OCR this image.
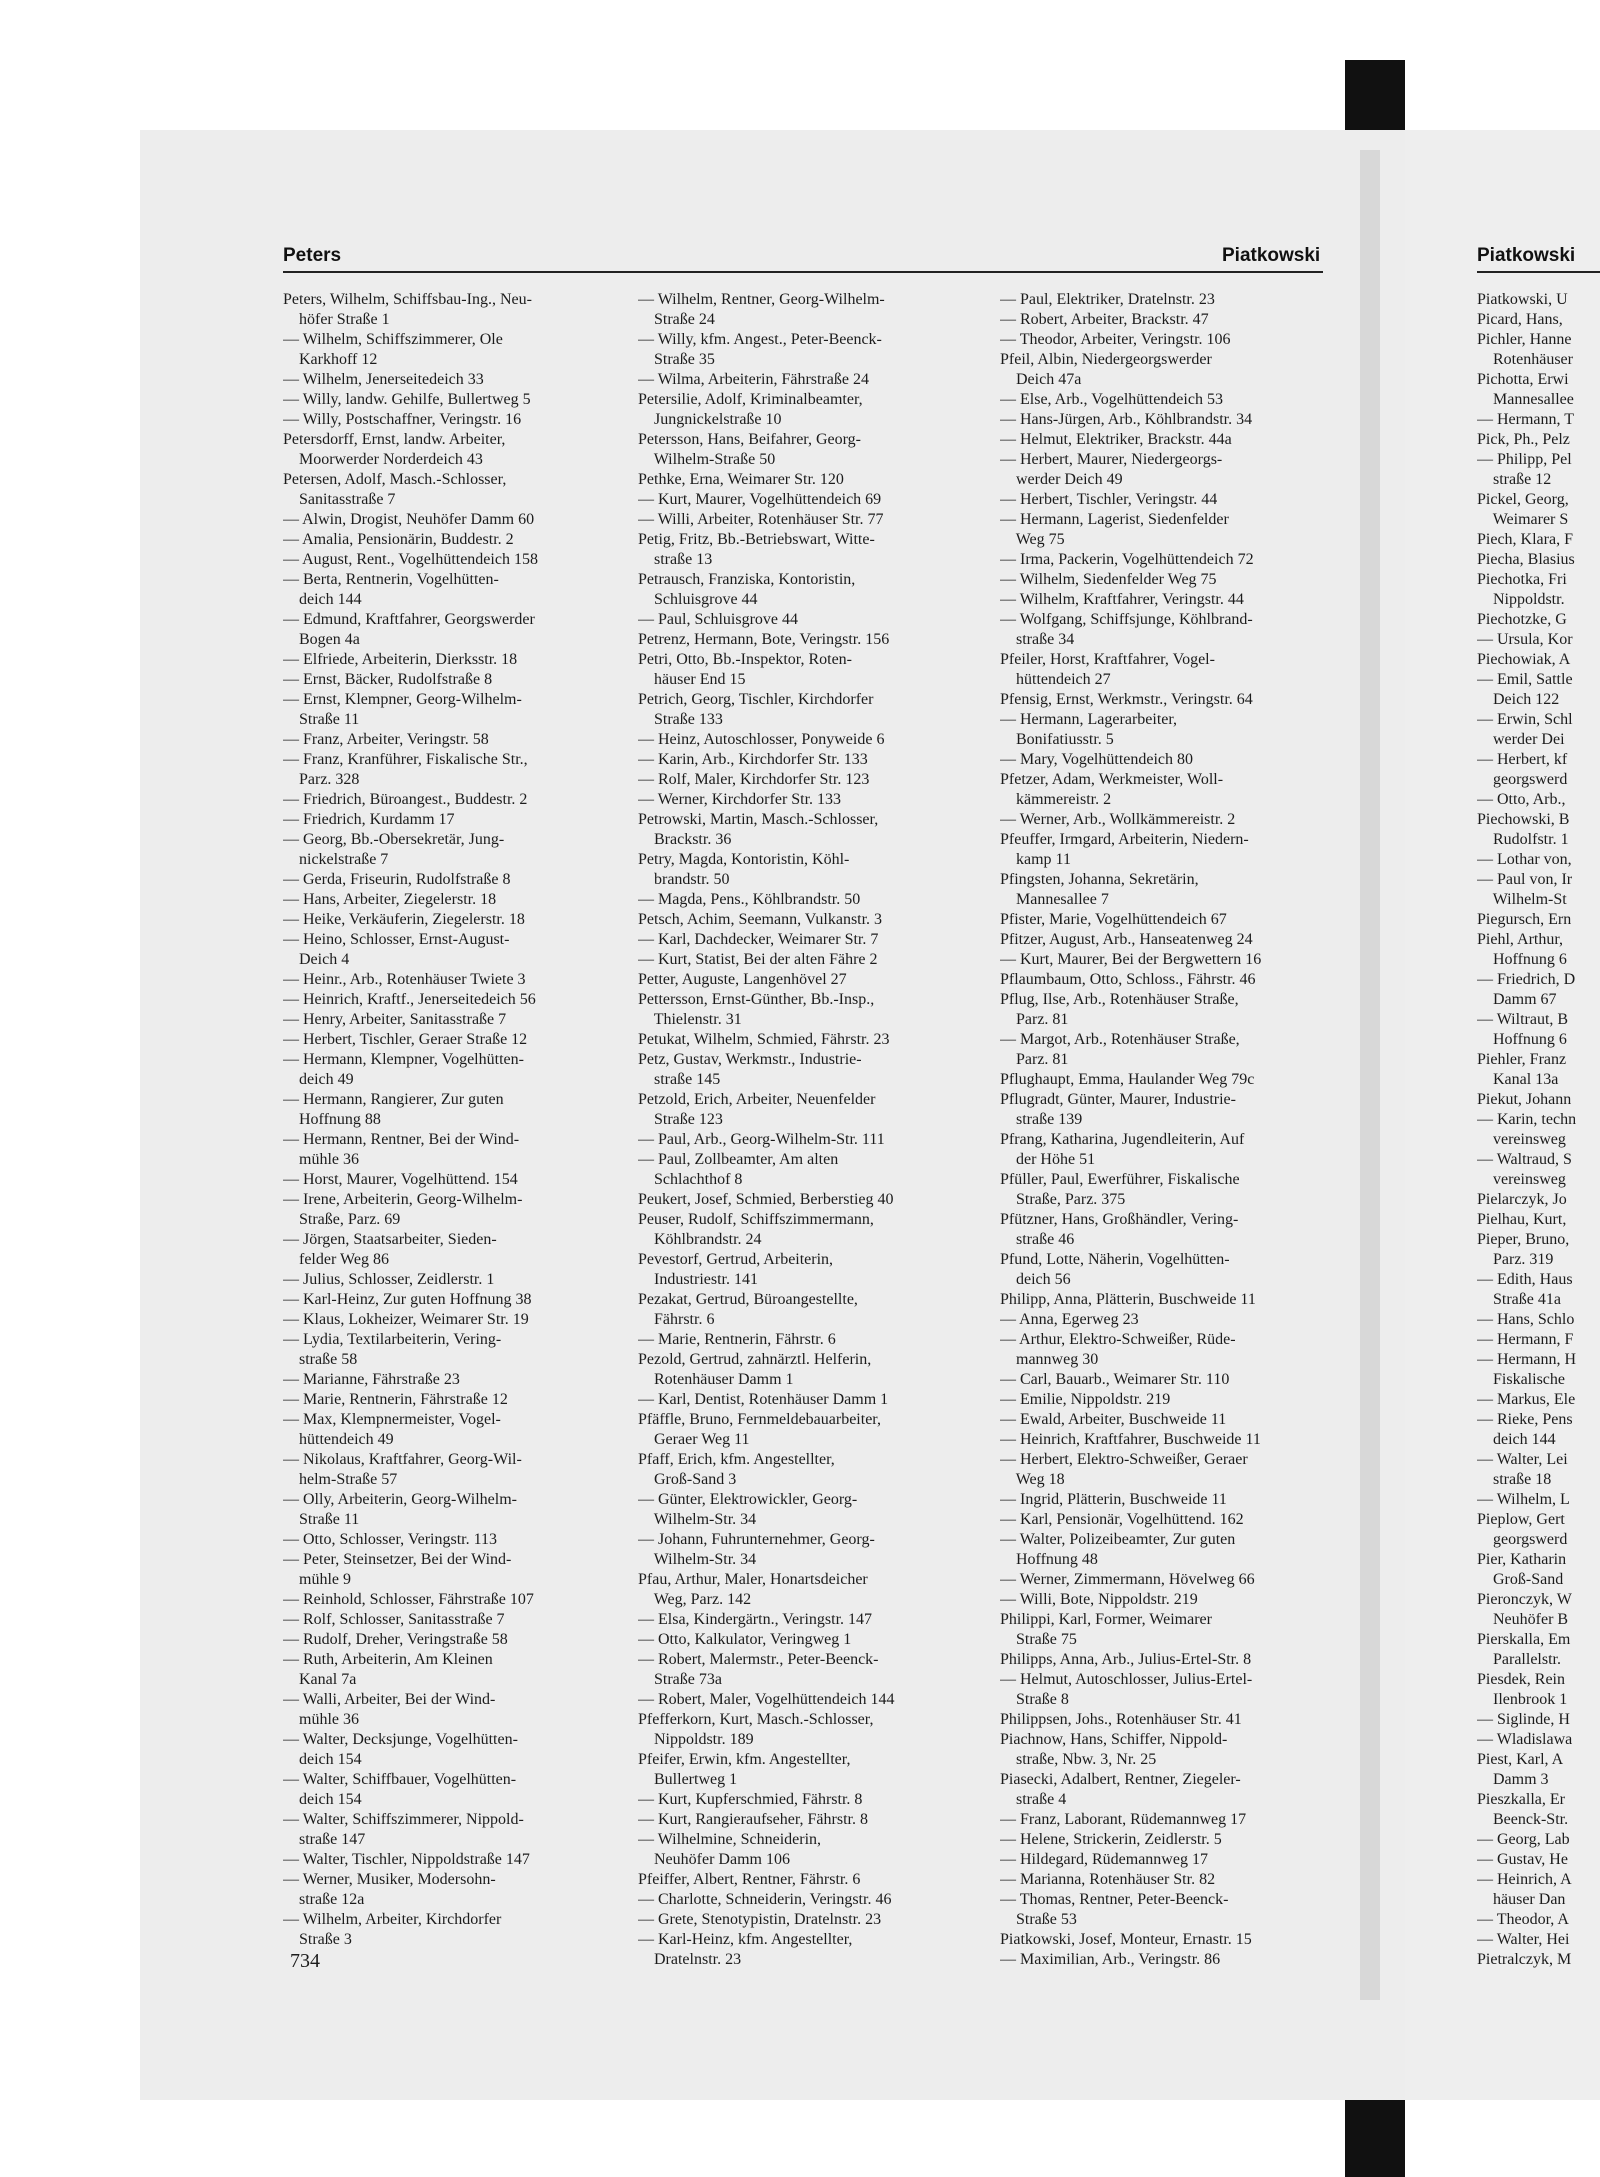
Peters	Piatkowski	Piatkowski
Peters, Wilhelm, Schiffsbau-Ing., Neu-
höfer Straße 1
— Wilhelm, Schiffszimmerer, Ole
Karkhoff 12
— Wilhelm, Jenerseitedeich 33
— Willy, landw. Gehilfe, Bullertweg 5
— Willy, Postschaffner, Veringstr. 16
Petersdorff, Ernst, landw. Arbeiter,
Moorwerder Norderdeich 43
Petersen, Adolf, Masch.-Schlosser,
Sanitasstraße 7
— Alwin, Drogist, Neuhöfer Damm 60
— Amalia, Pensionärin, Buddestr. 2
— August, Rent., Vogelhüttendeich 158
— Berta, Rentnerin, Vogelhütten-
deich 144
— Edmund, Kraftfahrer, Georgswerder
Bogen 4a
— Elfriede, Arbeiterin, Dierksstr. 18
— Ernst, Bäcker, Rudolfstraße 8
— Ernst, Klempner, Georg-Wilhelm-
Straße 11
— Franz, Arbeiter, Veringstr. 58
— Franz, Kranführer, Fiskalische Str.,
Parz. 328
— Friedrich, Büroangest., Buddestr. 2
— Friedrich, Kurdamm 17
— Georg, Bb.-Obersekretär, Jung-
nickelstraße 7
— Gerda, Friseurin, Rudolfstraße 8
— Hans, Arbeiter, Ziegelerstr. 18
— Heike, Verkäuferin, Ziegelerstr. 18
— Heino, Schlosser, Ernst-August-
Deich 4
— Heinr., Arb., Rotenhäuser Twiete 3
— Heinrich, Kraftf., Jenerseitedeich 56
— Henry, Arbeiter, Sanitasstraße 7
— Herbert, Tischler, Geraer Straße 12
— Hermann, Klempner, Vogelhütten-
deich 49
— Hermann, Rangierer, Zur guten
Hoffnung 88
— Hermann, Rentner, Bei der Wind-
mühle 36
— Horst, Maurer, Vogelhüttend. 154
— Irene, Arbeiterin, Georg-Wilhelm-
Straße, Parz. 69
— Jörgen, Staatsarbeiter, Sieden-
felder Weg 86
— Julius, Schlosser, Zeidlerstr. 1
— Karl-Heinz, Zur guten Hoffnung 38
— Klaus, Lokheizer, Weimarer Str. 19
— Lydia, Textilarbeiterin, Vering-
straße 58
— Marianne, Fährstraße 23
— Marie, Rentnerin, Fährstraße 12
— Max, Klempnermeister, Vogel-
hüttendeich 49
— Nikolaus, Kraftfahrer, Georg-Wil-
helm-Straße 57
— Olly, Arbeiterin, Georg-Wilhelm-
Straße 11
— Otto, Schlosser, Veringstr. 113
— Peter, Steinsetzer, Bei der Wind-
mühle 9
— Reinhold, Schlosser, Fährstraße 107
— Rolf, Schlosser, Sanitasstraße 7
— Rudolf, Dreher, Veringstraße 58
— Ruth, Arbeiterin, Am Kleinen
Kanal 7a
— Walli, Arbeiter, Bei der Wind-
mühle 36
— Walter, Decksjunge, Vogelhütten-
deich 154
— Walter, Schiffbauer, Vogelhütten-
deich 154
— Walter, Schiffszimmerer, Nippold-
straße 147
— Walter, Tischler, Nippoldstraße 147
— Werner, Musiker, Modersohn-
straße 12a
— Wilhelm, Arbeiter, Kirchdorfer
Straße 3
— Wilhelm, Rentner, Georg-Wilhelm-
Straße 24
— Willy, kfm. Angest., Peter-Beenck-
Straße 35
— Wilma, Arbeiterin, Fährstraße 24
Petersilie, Adolf, Kriminalbeamter,
Jungnickelstraße 10
Petersson, Hans, Beifahrer, Georg-
Wilhelm-Straße 50
Pethke, Erna, Weimarer Str. 120
— Kurt, Maurer, Vogelhüttendeich 69
— Willi, Arbeiter, Rotenhäuser Str. 77
Petig, Fritz, Bb.-Betriebswart, Witte-
straße 13
Petrausch, Franziska, Kontoristin,
Schluisgrove 44
— Paul, Schluisgrove 44
Petrenz, Hermann, Bote, Veringstr. 156
Petri, Otto, Bb.-Inspektor, Roten-
häuser End 15
Petrich, Georg, Tischler, Kirchdorfer
Straße 133
— Heinz, Autoschlosser, Ponyweide 6
— Karin, Arb., Kirchdorfer Str. 133
— Rolf, Maler, Kirchdorfer Str. 123
— Werner, Kirchdorfer Str. 133
Petrowski, Martin, Masch.-Schlosser,
Brackstr. 36
Petry, Magda, Kontoristin, Köhl-
brandstr. 50
— Magda, Pens., Köhlbrandstr. 50
Petsch, Achim, Seemann, Vulkanstr. 3
— Karl, Dachdecker, Weimarer Str. 7
— Kurt, Statist, Bei der alten Fähre 2
Petter, Auguste, Langenhövel 27
Pettersson, Ernst-Günther, Bb.-Insp.,
Thielenstr. 31
Petukat, Wilhelm, Schmied, Fährstr. 23
Petz, Gustav, Werkmstr., Industrie-
straße 145
Petzold, Erich, Arbeiter, Neuenfelder
Straße 123
— Paul, Arb., Georg-Wilhelm-Str. 111
— Paul, Zollbeamter, Am alten
Schlachthof 8
Peukert, Josef, Schmied, Berberstieg 40
Peuser, Rudolf, Schiffszimmermann,
Köhlbrandstr. 24
Pevestorf, Gertrud, Arbeiterin,
Industriestr. 141
Pezakat, Gertrud, Büroangestellte,
Fährstr. 6
— Marie, Rentnerin, Fährstr. 6
Pezold, Gertrud, zahnärztl. Helferin,
Rotenhäuser Damm 1
— Karl, Dentist, Rotenhäuser Damm 1
Pfäffle, Bruno, Fernmeldebauarbeiter,
Geraer Weg 11
Pfaff, Erich, kfm. Angestellter,
Groß-Sand 3
— Günter, Elektrowickler, Georg-
Wilhelm-Str. 34
— Johann, Fuhrunternehmer, Georg-
Wilhelm-Str. 34
Pfau, Arthur, Maler, Honartsdeicher
Weg, Parz. 142
— Elsa, Kindergärtn., Veringstr. 147
— Otto, Kalkulator, Veringweg 1
— Robert, Malermstr., Peter-Beenck-
Straße 73a
— Robert, Maler, Vogelhüttendeich 144
Pfefferkorn, Kurt, Masch.-Schlosser,
Nippoldstr. 189
Pfeifer, Erwin, kfm. Angestellter,
Bullertweg 1
— Kurt, Kupferschmied, Fährstr. 8
— Kurt, Rangieraufseher, Fährstr. 8
— Wilhelmine, Schneiderin,
Neuhöfer Damm 106
Pfeiffer, Albert, Rentner, Fährstr. 6
— Charlotte, Schneiderin, Veringstr. 46
— Grete, Stenotypistin, Dratelnstr. 23
— Karl-Heinz, kfm. Angestellter,
Dratelnstr. 23
— Paul, Elektriker, Dratelnstr. 23
— Robert, Arbeiter, Brackstr. 47
— Theodor, Arbeiter, Veringstr. 106
Pfeil, Albin, Niedergeorgswerder
Deich 47a
— Else, Arb., Vogelhüttendeich 53
— Hans-Jürgen, Arb., Köhlbrandstr. 34
— Helmut, Elektriker, Brackstr. 44a
— Herbert, Maurer, Niedergeorgs-
werder Deich 49
— Herbert, Tischler, Veringstr. 44
— Hermann, Lagerist, Siedenfelder
Weg 75
— Irma, Packerin, Vogelhüttendeich 72
— Wilhelm, Siedenfelder Weg 75
— Wilhelm, Kraftfahrer, Veringstr. 44
— Wolfgang, Schiffsjunge, Köhlbrand-
straße 34
Pfeiler, Horst, Kraftfahrer, Vogel-
hüttendeich 27
Pfensig, Ernst, Werkmstr., Veringstr. 64
— Hermann, Lagerarbeiter,
Bonifatiusstr. 5
— Mary, Vogelhüttendeich 80
Pfetzer, Adam, Werkmeister, Woll-
kämmereistr. 2
— Werner, Arb., Wollkämmereistr. 2
Pfeuffer, Irmgard, Arbeiterin, Niedern-
kamp 11
Pfingsten, Johanna, Sekretärin,
Mannesallee 7
Pfister, Marie, Vogelhüttendeich 67
Pfitzer, August, Arb., Hanseatenweg 24
— Kurt, Maurer, Bei der Bergwettern 16
Pflaumbaum, Otto, Schloss., Fährstr. 46
Pflug, Ilse, Arb., Rotenhäuser Straße,
Parz. 81
— Margot, Arb., Rotenhäuser Straße,
Parz. 81
Pflughaupt, Emma, Haulander Weg 79c
Pflugradt, Günter, Maurer, Industrie-
straße 139
Pfrang, Katharina, Jugendleiterin, Auf
der Höhe 51
Pfüller, Paul, Ewerführer, Fiskalische
Straße, Parz. 375
Pfützner, Hans, Großhändler, Vering-
straße 46
Pfund, Lotte, Näherin, Vogelhütten-
deich 56
Philipp, Anna, Plätterin, Buschweide 11
— Anna, Egerweg 23
— Arthur, Elektro-Schweißer, Rüde-
mannweg 30
— Carl, Bauarb., Weimarer Str. 110
— Emilie, Nippoldstr. 219
— Ewald, Arbeiter, Buschweide 11
— Heinrich, Kraftfahrer, Buschweide 11
— Herbert, Elektro-Schweißer, Geraer
Weg 18
— Ingrid, Plätterin, Buschweide 11
— Karl, Pensionär, Vogelhüttend. 162
— Walter, Polizeibeamter, Zur guten
Hoffnung 48
— Werner, Zimmermann, Hövelweg 66
— Willi, Bote, Nippoldstr. 219
Philippi, Karl, Former, Weimarer
Straße 75
Philipps, Anna, Arb., Julius-Ertel-Str. 8
— Helmut, Autoschlosser, Julius-Ertel-
Straße 8
Philippsen, Johs., Rotenhäuser Str. 41
Piachnow, Hans, Schiffer, Nippold-
straße, Nbw. 3, Nr. 25
Piasecki, Adalbert, Rentner, Ziegeler-
straße 4
— Franz, Laborant, Rüdemannweg 17
— Helene, Strickerin, Zeidlerstr. 5
— Hildegard, Rüdemannweg 17
— Marianna, Rotenhäuser Str. 82
— Thomas, Rentner, Peter-Beenck-
Straße 53
Piatkowski, Josef, Monteur, Ernastr. 15
— Maximilian, Arb., Veringstr. 86
Piatkowski, U
Picard, Hans,
Pichler, Hanne
Rotenhäuser
Pichotta, Erwi
Mannesallee
— Hermann, T
Pick, Ph., Pelz
— Philipp, Pel
straße 12
Pickel, Georg,
Weimarer S
Piech, Klara, F
Piecha, Blasius
Piechotka, Fri
Nippoldstr.
Piechotzke, G
— Ursula, Kor
Piechowiak, A
— Emil, Sattle
Deich 122
— Erwin, Schl
werder Dei
— Herbert, kf
georgswerd
— Otto, Arb.,
Piechowski, B
Rudolfstr. 1
— Lothar von,
— Paul von, Ir
Wilhelm-St
Piegursch, Ern
Piehl, Arthur,
Hoffnung 6
— Friedrich, D
Damm 67
— Wiltraut, B
Hoffnung 6
Piehler, Franz
Kanal 13a
Piekut, Johann
— Karin, techn
vereinsweg
— Waltraud, S
vereinsweg
Pielarczyk, Jo
Pielhau, Kurt,
Pieper, Bruno,
Parz. 319
— Edith, Haus
Straße 41a
— Hans, Schlo
— Hermann, F
— Hermann, H
Fiskalische
— Markus, Ele
— Rieke, Pens
deich 144
— Walter, Lei
straße 18
— Wilhelm, L
Pieplow, Gert
georgswerd
Pier, Katharin
Groß-Sand
Pieronczyk, W
Neuhöfer B
Pierskalla, Em
Parallelstr.
Piesdek, Rein
Ilenbrook 1
— Siglinde, H
— Wladislawa
Piest, Karl, A
Damm 3
Pieszkalla, Er
Beenck-Str.
— Georg, Lab
— Gustav, He
— Heinrich, A
häuser Dan
— Theodor, A
— Walter, Hei
Pietralczyk, M
734
